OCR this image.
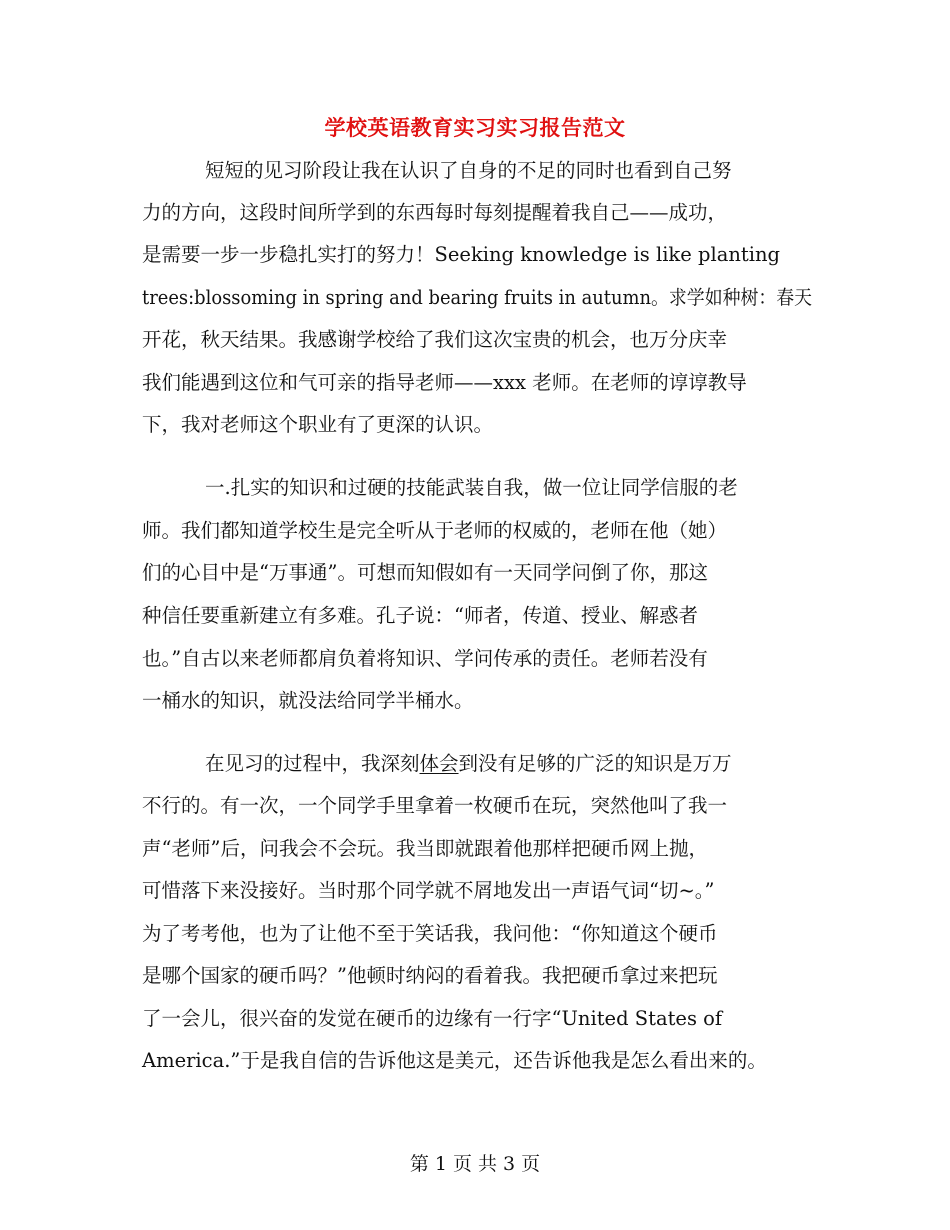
学校英语教育实习实习报告范文
短短的见习阶段让我在认识了自身的不足的同时也看到自己努
力的方向，这段时间所学到的东西每时每刻提醒着我自己——成功，
是需要一步一步稳扎实打的努力！Seeking knowledge is like planting
trees:blossoming in spring and bearing fruits in autumn。求学如种树：春天
开花，秋天结果。我感谢学校给了我们这次宝贵的机会，也万分庆幸
我们能遇到这位和气可亲的指导老师——xxx 老师。在老师的谆谆教导
下，我对老师这个职业有了更深的认识。
一.扎实的知识和过硬的技能武装自我，做一位让同学信服的老
师。我们都知道学校生是完全听从于老师的权威的，老师在他（她）
们的心目中是“万事通”。可想而知假如有一天同学问倒了你，那这
种信任要重新建立有多难。孔子说：“师者，传道、授业、解惑者
也。”自古以来老师都肩负着将知识、学问传承的责任。老师若没有
一桶水的知识，就没法给同学半桶水。
在见习的过程中，我深刻体会到没有足够的广泛的知识是万万
不行的。有一次，一个同学手里拿着一枚硬币在玩，突然他叫了我一
声“老师”后，问我会不会玩。我当即就跟着他那样把硬币网上抛，
可惜落下来没接好。当时那个同学就不屑地发出一声语气词“切~。”
为了考考他，也为了让他不至于笑话我，我问他：“你知道这个硬币
是哪个国家的硬币吗？”他顿时纳闷的看着我。我把硬币拿过来把玩
了一会儿，很兴奋的发觉在硬币的边缘有一行字“United States of
America.”于是我自信的告诉他这是美元，还告诉他我是怎么看出来的。
第 1 页 共 3 页
